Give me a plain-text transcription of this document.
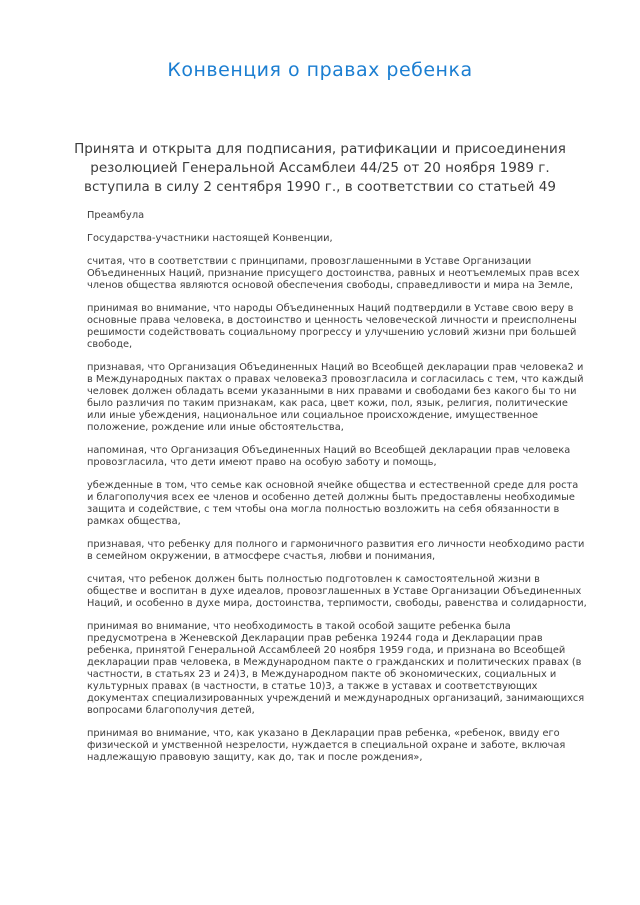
Конвенция о правах ребенка

Принята и открыта для подписания, ратификации и присоединения резолюцией Генеральной Ассамблеи 44/25 от 20 ноября 1989 г.

вступила в силу 2 сентября 1990 г., в соответствии со статьей 49

Преамбула

Государства-участники настоящей Конвенции,

считая, что в соответствии с принципами, провозглашенными в Уставе Организации Объединенных Наций, признание присущего достоинства, равных и неотъемлемых прав всех членов общества являются основой обеспечения свободы, справедливости и мира на Земле,

принимая во внимание, что народы Объединенных Наций подтвердили в Уставе свою веру в основные права человека, в достоинство и ценность человеческой личности и преисполнены решимости содействовать социальному прогрессу и улучшению условий жизни при большей свободе,

признавая, что Организация Объединенных Наций во Всеобщей декларации прав человека2 и в Международных пактах о правах человека3 провозгласила и согласилась с тем, что каждый человек должен обладать всеми указанными в них правами и свободами без какого бы то ни было различия по таким признакам, как раса, цвет кожи, пол, язык, религия, политические или иные убеждения, национальное или социальное происхождение, имущественное положение, рождение или иные обстоятельства,

напоминая, что Организация Объединенных Наций во Всеобщей декларации прав человека провозгласила, что дети имеют право на особую заботу и помощь,

убежденные в том, что семье как основной ячейке общества и естественной среде для роста и благополучия всех ее членов и особенно детей должны быть предоставлены необходимые защита и содействие, с тем чтобы она могла полностью возложить на себя обязанности в рамках общества,

признавая, что ребенку для полного и гармоничного развития его личности необходимо расти в семейном окружении, в атмосфере счастья, любви и понимания,

считая, что ребенок должен быть полностью подготовлен к самостоятельной жизни в обществе и воспитан в духе идеалов, провозглашенных в Уставе Организации Объединенных Наций, и особенно в духе мира, достоинства, терпимости, свободы, равенства и солидарности,

принимая во внимание, что необходимость в такой особой защите ребенка была предусмотрена в Женевской Декларации прав ребенка 19244 года и Декларации прав ребенка, принятой Генеральной Ассамблеей 20 ноября 1959 года, и признана во Всеобщей декларации прав человека, в Международном пакте о гражданских и политических правах (в частности, в статьях 23 и 24)3, в Международном пакте об экономических, социальных и культурных правах (в частности, в статье 10)3, а также в уставах и соответствующих документах специализированных учреждений и международных организаций, занимающихся вопросами благополучия детей,

принимая во внимание, что, как указано в Декларации прав ребенка, «ребенок, ввиду его физической и умственной незрелости, нуждается в специальной охране и заботе, включая надлежащую правовую защиту, как до, так и после рождения»,
